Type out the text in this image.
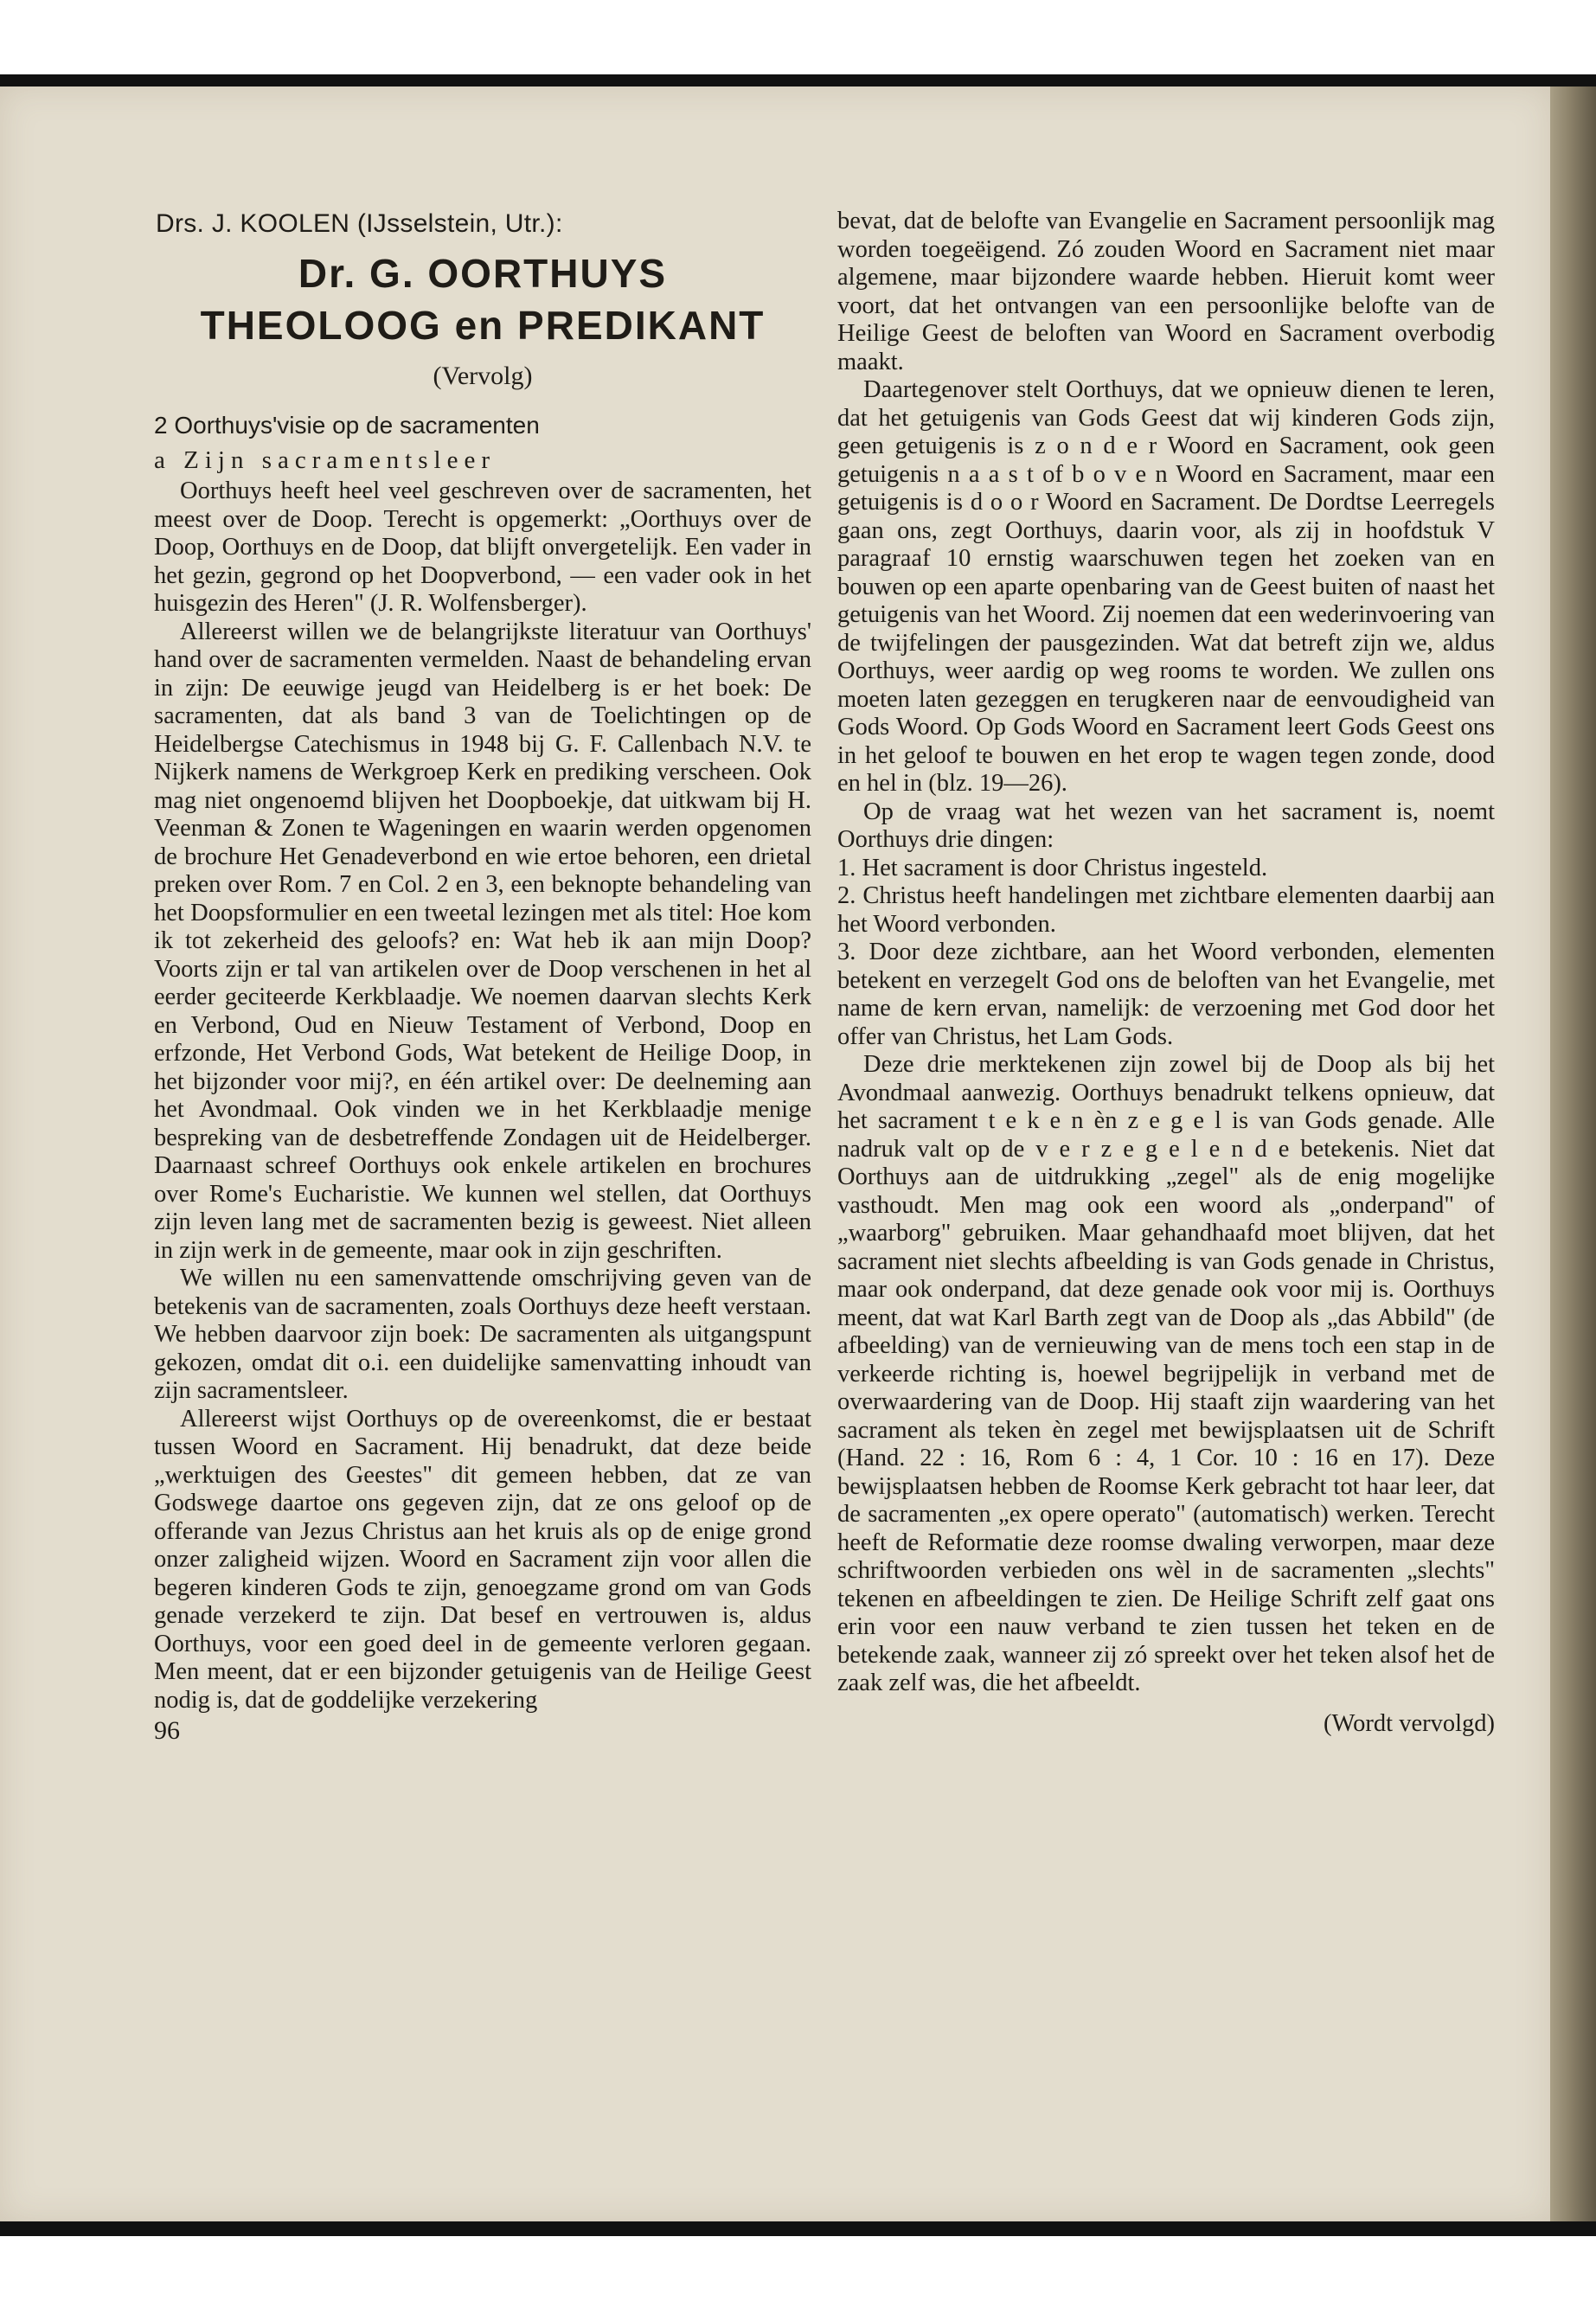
Drs. J. KOOLEN (IJsselstein, Utr.):
Dr. G. OORTHUYS
THEOLOOG en PREDIKANT
(Vervolg)
2 Oorthuys'visie op de sacramenten
a Zijn sacramentsleer

Oorthuys heeft heel veel geschreven over de sacramenten, het meest over de Doop. Terecht is opgemerkt: „Oorthuys over de Doop, Oorthuys en de Doop, dat blijft onvergetelijk. Een vader in het gezin, gegrond op het Doopverbond, — een vader ook in het huisgezin des Heren" (J. R. Wolfensberger).

Allereerst willen we de belangrijkste literatuur van Oorthuys' hand over de sacramenten vermelden. Naast de behandeling ervan in zijn: De eeuwige jeugd van Heidelberg is er het boek: De sacramenten, dat als band 3 van de Toelichtingen op de Heidelbergse Catechismus in 1948 bij G. F. Callenbach N.V. te Nijkerk namens de Werkgroep Kerk en prediking verscheen. Ook mag niet ongenoemd blijven het Doopboekje, dat uitkwam bij H. Veenman & Zonen te Wageningen en waarin werden opgenomen de brochure Het Genadeverbond en wie ertoe behoren, een drietal preken over Rom. 7 en Col. 2 en 3, een beknopte behandeling van het Doopsformulier en een tweetal lezingen met als titel: Hoe kom ik tot zekerheid des geloofs? en: Wat heb ik aan mijn Doop? Voorts zijn er tal van artikelen over de Doop verschenen in het al eerder geciteerde Kerkblaadje. We noemen daarvan slechts Kerk en Verbond, Oud en Nieuw Testament of Verbond, Doop en erfzonde, Het Verbond Gods, Wat betekent de Heilige Doop, in het bijzonder voor mij?, en één artikel over: De deelneming aan het Avondmaal. Ook vinden we in het Kerkblaadje menige bespreking van de desbetreffende Zondagen uit de Heidelberger. Daarnaast schreef Oorthuys ook enkele artikelen en brochures over Rome's Eucharistie. We kunnen wel stellen, dat Oorthuys zijn leven lang met de sacramenten bezig is geweest. Niet alleen in zijn werk in de gemeente, maar ook in zijn geschriften.

We willen nu een samenvattende omschrijving geven van de betekenis van de sacramenten, zoals Oorthuys deze heeft verstaan. We hebben daarvoor zijn boek: De sacramenten als uitgangspunt gekozen, omdat dit o.i. een duidelijke samenvatting inhoudt van zijn sacramentsleer.

Allereerst wijst Oorthuys op de overeenkomst, die er bestaat tussen Woord en Sacrament. Hij benadrukt, dat deze beide „werktuigen des Geestes" dit gemeen hebben, dat ze van Godswege daartoe ons gegeven zijn, dat ze ons geloof op de offerande van Jezus Christus aan het kruis als op de enige grond onzer zaligheid wijzen. Woord en Sacrament zijn voor allen die begeren kinderen Gods te zijn, genoegzame grond om van Gods genade verzekerd te zijn. Dat besef en vertrouwen is, aldus Oorthuys, voor een goed deel in de gemeente verloren gegaan. Men meent, dat er een bijzonder getuigenis van de Heilige Geest nodig is, dat de goddelijke verzekering

96

bevat, dat de belofte van Evangelie en Sacrament persoonlijk mag worden toegeëigend. Zó zouden Woord en Sacrament niet maar algemene, maar bijzondere waarde hebben. Hieruit komt weer voort, dat het ontvangen van een persoonlijke belofte van de Heilige Geest de beloften van Woord en Sacrament overbodig maakt.

Daartegenover stelt Oorthuys, dat we opnieuw dienen te leren, dat het getuigenis van Gods Geest dat wij kinderen Gods zijn, geen getuigenis is z o n d e r Woord en Sacrament, ook geen getuigenis n a a s t of b o v e n Woord en Sacrament, maar een getuigenis is d o o r Woord en Sacrament. De Dordtse Leerregels gaan ons, zegt Oorthuys, daarin voor, als zij in hoofdstuk V paragraaf 10 ernstig waarschuwen tegen het zoeken van en bouwen op een aparte openbaring van de Geest buiten of naast het getuigenis van het Woord. Zij noemen dat een wederinvoering van de twijfelingen der pausgezinden. Wat dat betreft zijn we, aldus Oorthuys, weer aardig op weg rooms te worden. We zullen ons moeten laten gezeggen en terugkeren naar de eenvoudigheid van Gods Woord. Op Gods Woord en Sacrament leert Gods Geest ons in het geloof te bouwen en het erop te wagen tegen zonde, dood en hel in (blz. 19—26).

Op de vraag wat het wezen van het sacrament is, noemt Oorthuys drie dingen:

1. Het sacrament is door Christus ingesteld.

2. Christus heeft handelingen met zichtbare elementen daarbij aan het Woord verbonden.

3. Door deze zichtbare, aan het Woord verbonden, elementen betekent en verzegelt God ons de beloften van het Evangelie, met name de kern ervan, namelijk: de verzoening met God door het offer van Christus, het Lam Gods.

Deze drie merktekenen zijn zowel bij de Doop als bij het Avondmaal aanwezig. Oorthuys benadrukt telkens opnieuw, dat het sacrament t e k e n èn z e g e l is van Gods genade. Alle nadruk valt op de v e r z e g e l e n d e betekenis. Niet dat Oorthuys aan de uitdrukking „zegel" als de enig mogelijke vasthoudt. Men mag ook een woord als „onderpand" of „waarborg" gebruiken. Maar gehandhaafd moet blijven, dat het sacrament niet slechts afbeelding is van Gods genade in Christus, maar ook onderpand, dat deze genade ook voor mij is. Oorthuys meent, dat wat Karl Barth zegt van de Doop als „das Abbild" (de afbeelding) van de vernieuwing van de mens toch een stap in de verkeerde richting is, hoewel begrijpelijk in verband met de overwaardering van de Doop. Hij staaft zijn waardering van het sacrament als teken èn zegel met bewijsplaatsen uit de Schrift (Hand. 22 : 16, Rom 6 : 4, 1 Cor. 10 : 16 en 17). Deze bewijsplaatsen hebben de Roomse Kerk gebracht tot haar leer, dat de sacramenten „ex opere operato" (automatisch) werken. Terecht heeft de Reformatie deze roomse dwaling verworpen, maar deze schriftwoorden verbieden ons wèl in de sacramenten „slechts" tekenen en afbeeldingen te zien. De Heilige Schrift zelf gaat ons erin voor een nauw verband te zien tussen het teken en de betekende zaak, wanneer zij zó spreekt over het teken alsof het de zaak zelf was, die het afbeeldt.

(Wordt vervolgd)
